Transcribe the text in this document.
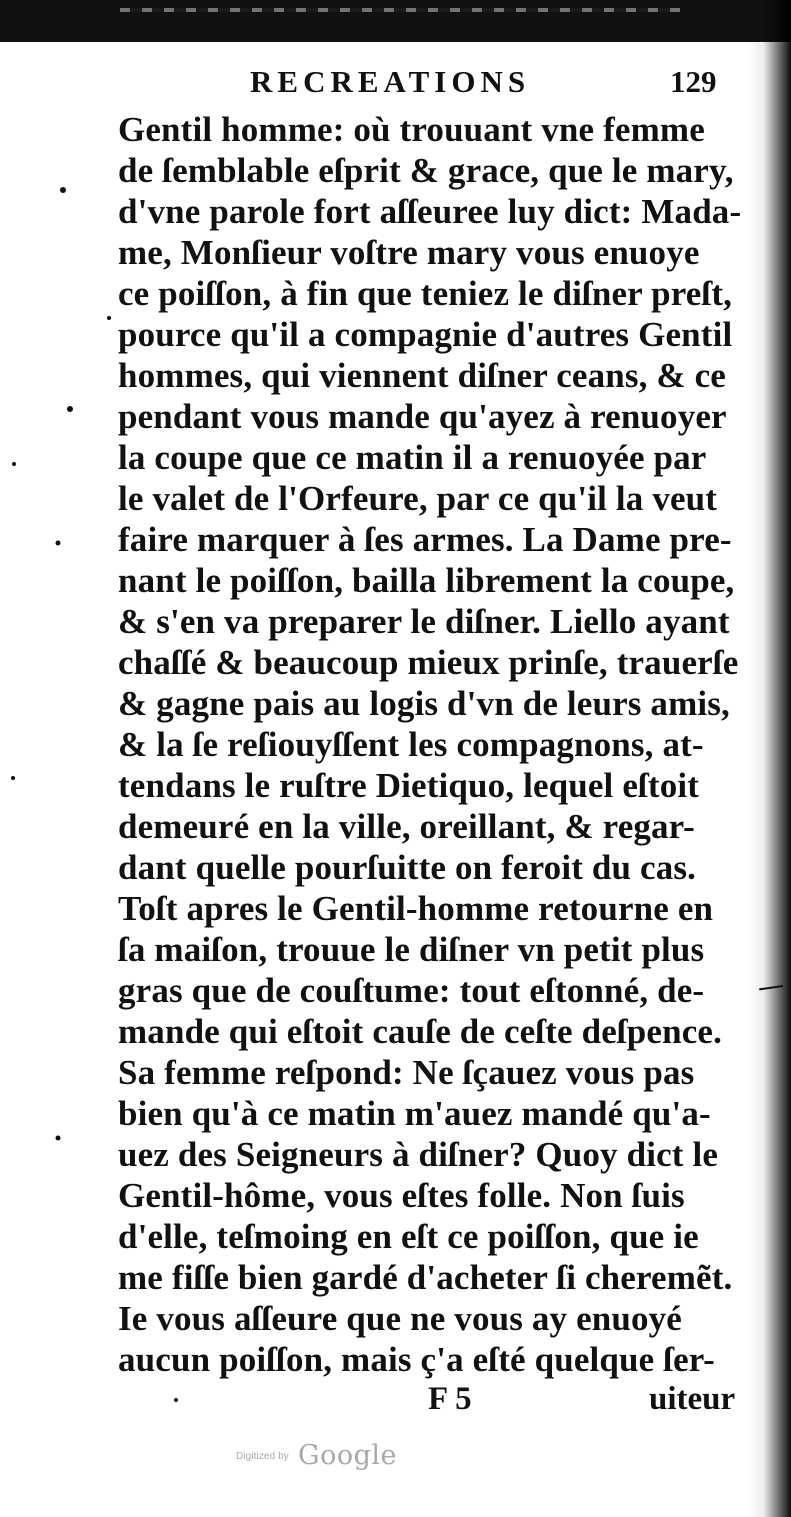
RECREATIONS	129
Gentil homme: où trouuant vne femme
de ſemblable eſprit & grace, que le mary,
d'vne parole fort aſſeuree luy dict: Mada-
me, Monſieur voſtre mary vous enuoye
ce poiſſon, à fin que teniez le diſner preſt,
pource qu'il a compagnie d'autres Gentil
hommes, qui viennent diſner ceans, & ce
pendant vous mande qu'ayez à renuoyer
la coupe que ce matin il a renuoyée par
le valet de l'Orfeure, par ce qu'il la veut
faire marquer à ſes armes. La Dame pre-
nant le poiſſon, bailla librement la coupe,
& s'en va preparer le diſner. Liello ayant
chaſſé & beaucoup mieux prinſe, trauerſe
& gagne pais au logis d'vn de leurs amis,
& la ſe reſiouyſſent les compagnons, at-
tendans le ruſtre Dietiquo, lequel eſtoit
demeuré en la ville, oreillant, & regar-
dant quelle pourſuitte on feroit du cas.
Toſt apres le Gentil-homme retourne en
ſa maiſon, trouue le diſner vn petit plus
gras que de couſtume: tout eſtonné, de-
mande qui eſtoit cauſe de ceſte deſpence.
Sa femme reſpond: Ne ſçauez vous pas
bien qu'à ce matin m'auez mandé qu'a-
uez des Seigneurs à diſner? Quoy dict le
Gentil-hôme, vous eſtes folle. Non ſuis
d'elle, teſmoing en eſt ce poiſſon, que ie
me fiſſe bien gardé d'acheter ſi cheremẽt.
Ie vous aſſeure que ne vous ay enuoyé
aucun poiſſon, mais ç'a eſté quelque ſer-
F 5	uiteur
Digitized by Google
